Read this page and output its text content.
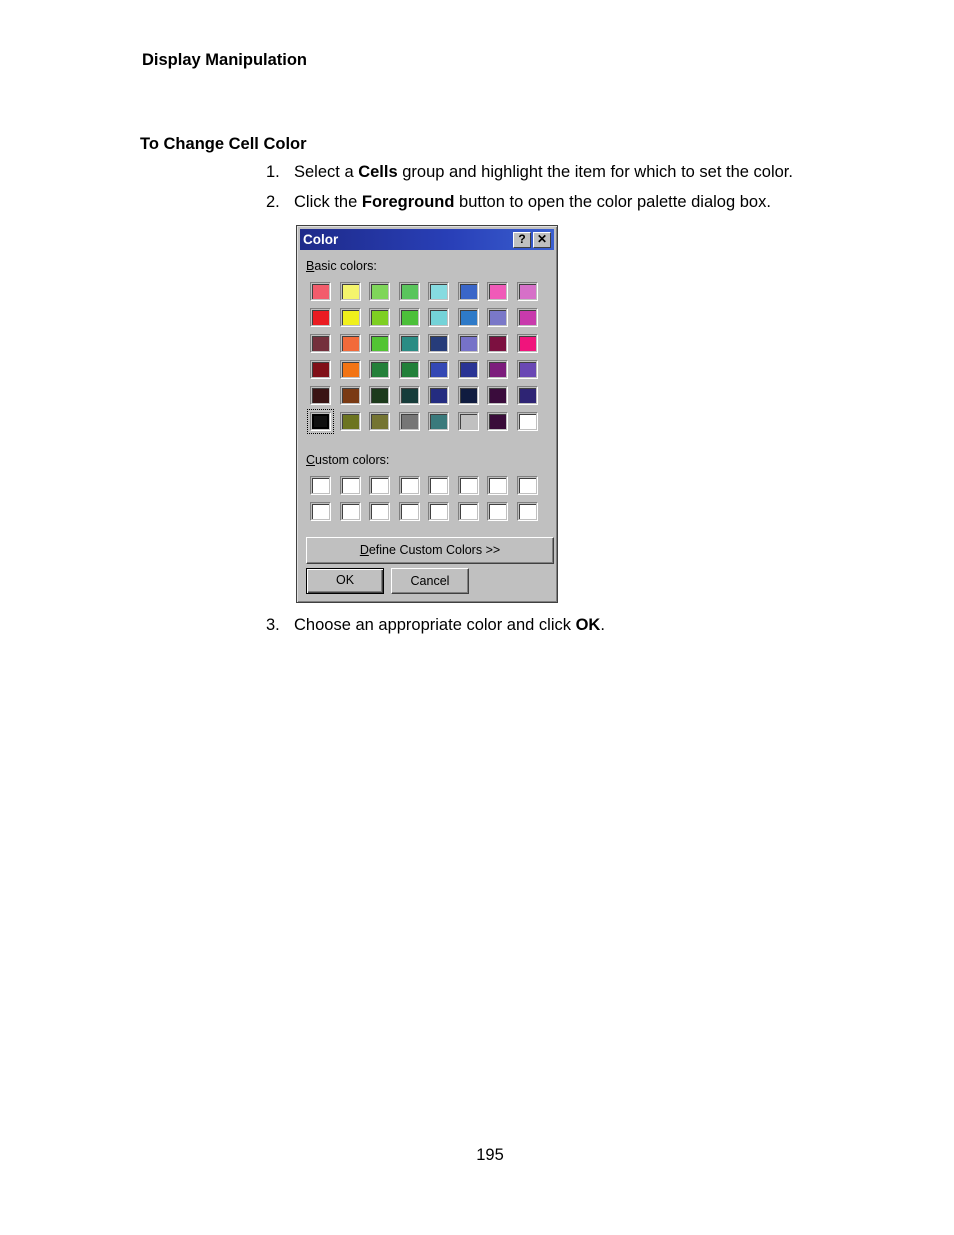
Display Manipulation
To Change Cell Color
1. Select a Cells group and highlight the item for which to set the color.
2. Click the Foreground button to open the color palette dialog box.
Color	? ✕
Basic colors:
Custom colors:
Define Custom Colors >>
OK	Cancel
3. Choose an appropriate color and click OK.
195
